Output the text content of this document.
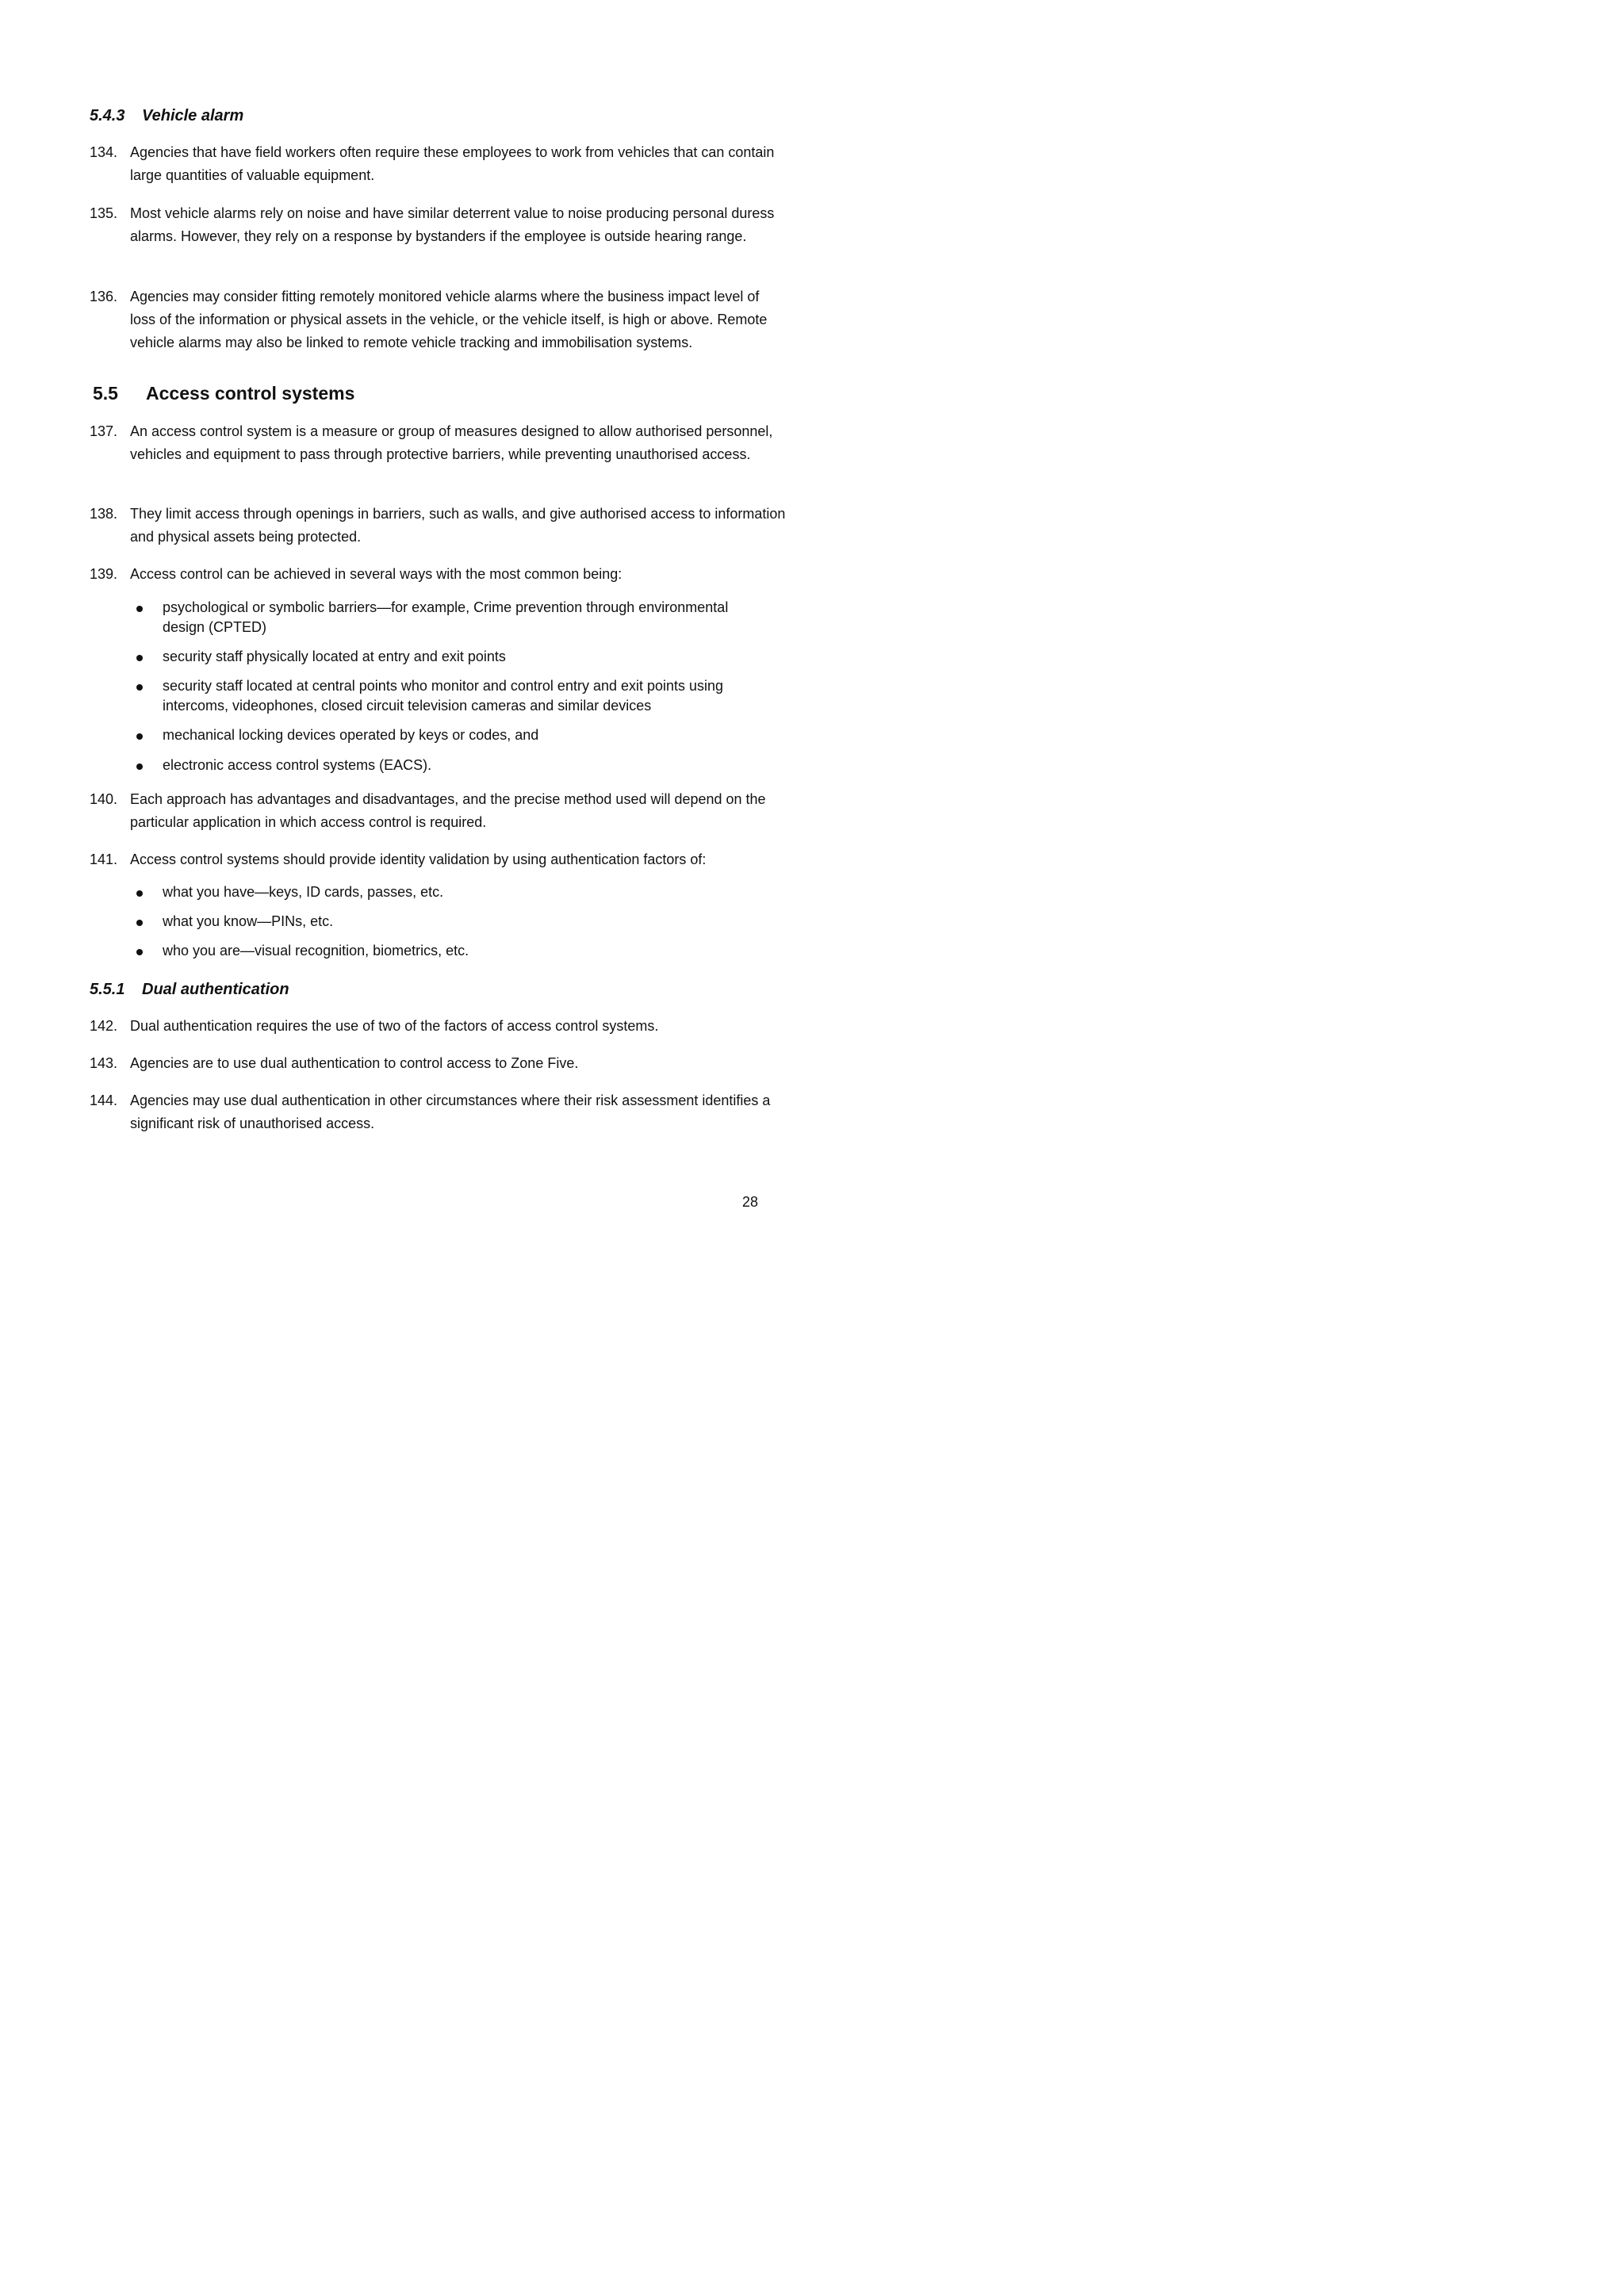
5.4.3 Vehicle alarm
134. Agencies that have field workers often require these employees to work from vehicles that can contain large quantities of valuable equipment.
135. Most vehicle alarms rely on noise and have similar deterrent value to noise producing personal duress alarms. However, they rely on a response by bystanders if the employee is outside hearing range.
136. Agencies may consider fitting remotely monitored vehicle alarms where the business impact level of loss of the information or physical assets in the vehicle, or the vehicle itself, is high or above. Remote vehicle alarms may also be linked to remote vehicle tracking and immobilisation systems.
5.5 Access control systems
137. An access control system is a measure or group of measures designed to allow authorised personnel, vehicles and equipment to pass through protective barriers, while preventing unauthorised access.
138. They limit access through openings in barriers, such as walls, and give authorised access to information and physical assets being protected.
139. Access control can be achieved in several ways with the most common being:
psychological or symbolic barriers—for example, Crime prevention through environmental design (CPTED)
security staff physically located at entry and exit points
security staff located at central points who monitor and control entry and exit points using intercoms, videophones, closed circuit television cameras and similar devices
mechanical locking devices operated by keys or codes, and
electronic access control systems (EACS).
140. Each approach has advantages and disadvantages, and the precise method used will depend on the particular application in which access control is required.
141. Access control systems should provide identity validation by using authentication factors of:
what you have—keys, ID cards, passes, etc.
what you know—PINs, etc.
who you are—visual recognition, biometrics, etc.
5.5.1 Dual authentication
142. Dual authentication requires the use of two of the factors of access control systems.
143. Agencies are to use dual authentication to control access to Zone Five.
144. Agencies may use dual authentication in other circumstances where their risk assessment identifies a significant risk of unauthorised access.
28
